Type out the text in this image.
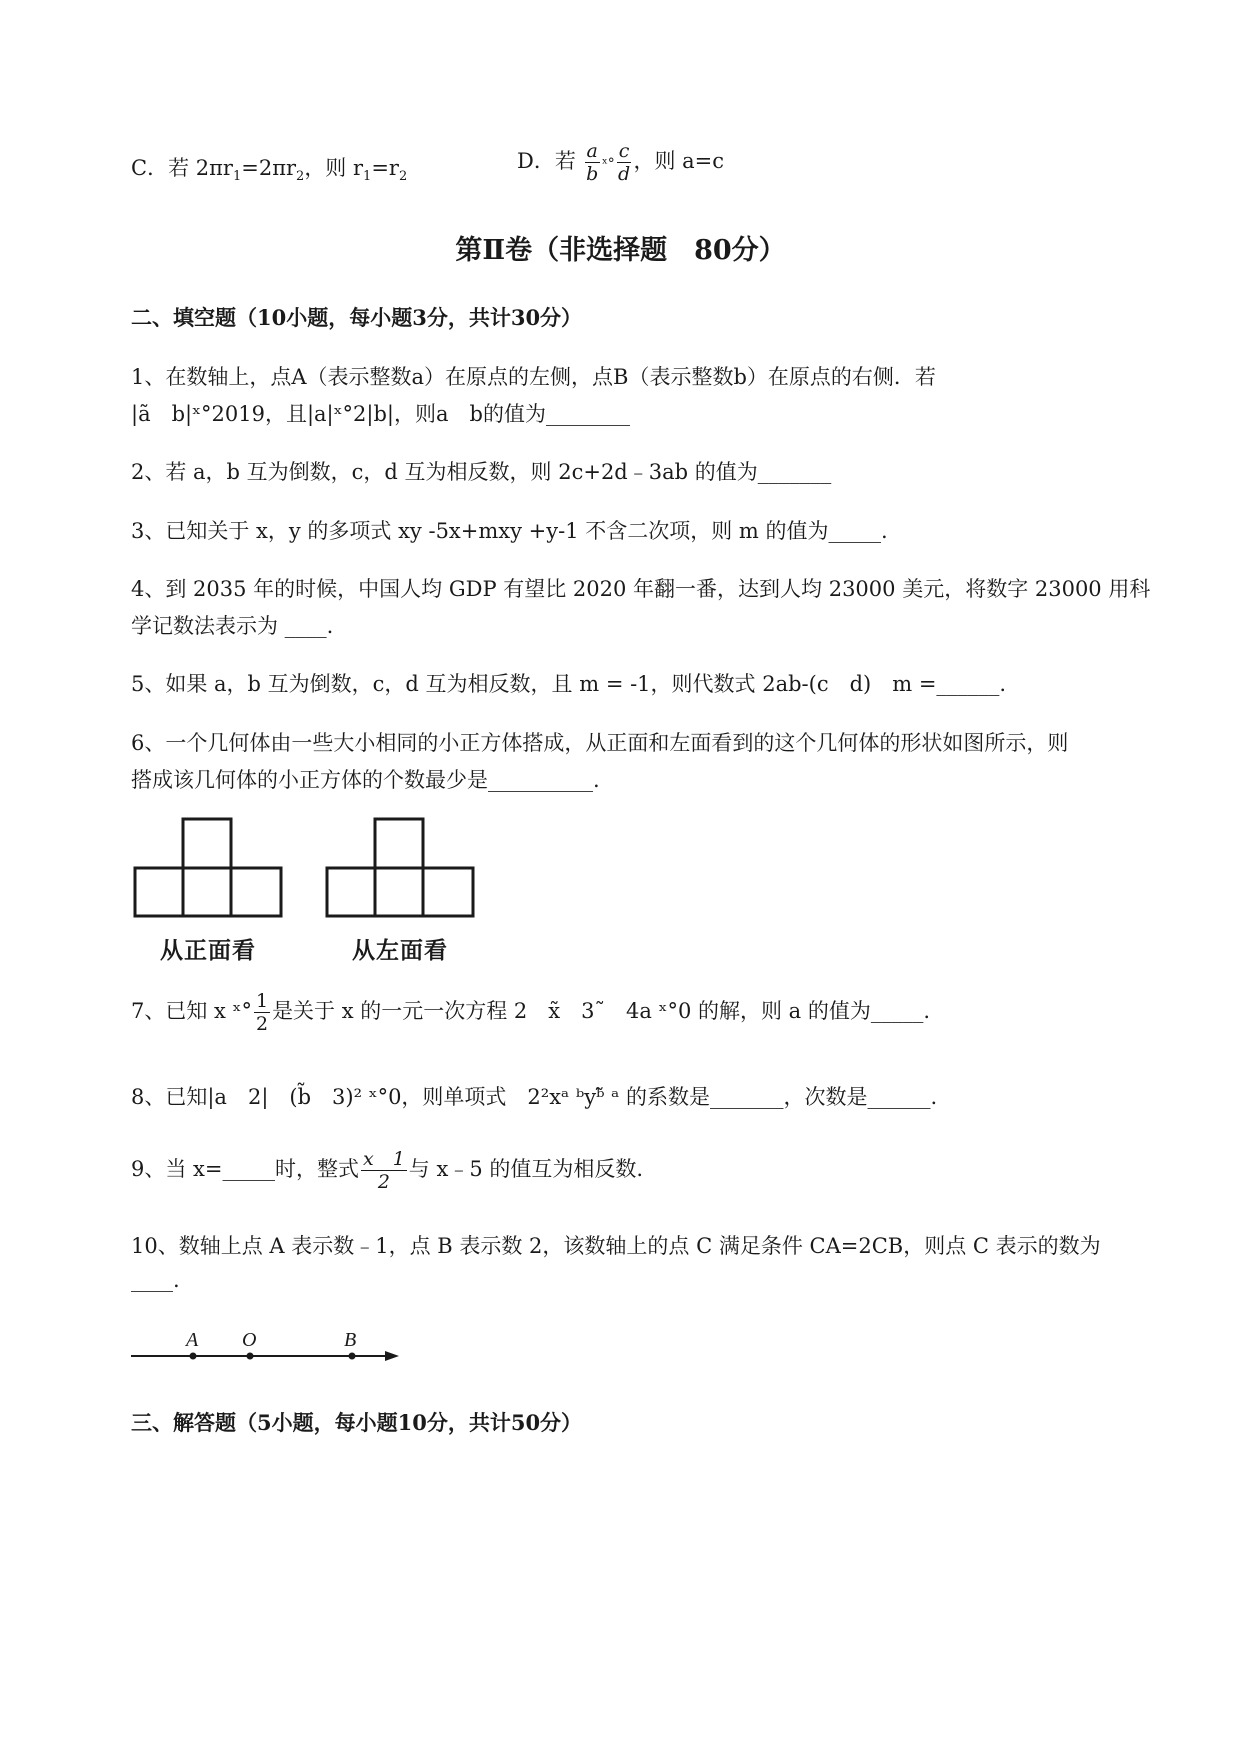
C．若 $2\pi r_1=2\pi r_2$，则 $r_1=r_2$
D．若 $\frac{a}{b}$ ˣ° $\frac{c}{d}$ ，则 a=c
第Ⅱ卷（非选择题　80分）
二、填空题（10小题，每小题3分，共计30分）
1、在数轴上，点A（表示整数a）在原点的左侧，点B（表示整数b）在原点的右侧．若
|ã　b|ˣ°2019，且|a|ˣ°2|b|，则a　b的值为________
2、若 a，b 互为倒数，c，d 互为相反数，则 2c+2d﹣3ab 的值为_______
3、已知关于 x，y 的多项式 xy -5x+mxy +y-1 不含二次项，则 m 的值为_____.
4、到 2035 年的时候，中国人均 GDP 有望比 2020 年翻一番，达到人均 23000 美元，将数字 23000 用科
学记数法表示为 ____.
5、如果 a，b 互为倒数，c，d 互为相反数，且 m = -1，则代数式 2ab-(c　d)　m =______.
6、一个几何体由一些大小相同的小正方体搭成，从正面和左面看到的这个几何体的形状如图所示，则
搭成该几何体的小正方体的个数最少是__________.
从正面看	从左面看
7、已知 x ˣ° $\frac{1}{2}$ 是关于 x 的一元一次方程 2　x̃　3˜　4a ˣ°0 的解，则 a 的值为_____.
8、已知|a　2|　(b̃　3)² ˣ°0，则单项式　2²xᵃ ᵇyᵇ̃ ᵃ 的系数是_______，次数是______.
9、当 x=_____时，整式 $\frac{x 1}{2}$ 与 x﹣5 的值互为相反数.
10、数轴上点 A 表示数﹣1，点 B 表示数 2，该数轴上的点 C 满足条件 CA=2CB，则点 C 表示的数为
____.
A O	B
三、解答题（5小题，每小题10分，共计50分）
